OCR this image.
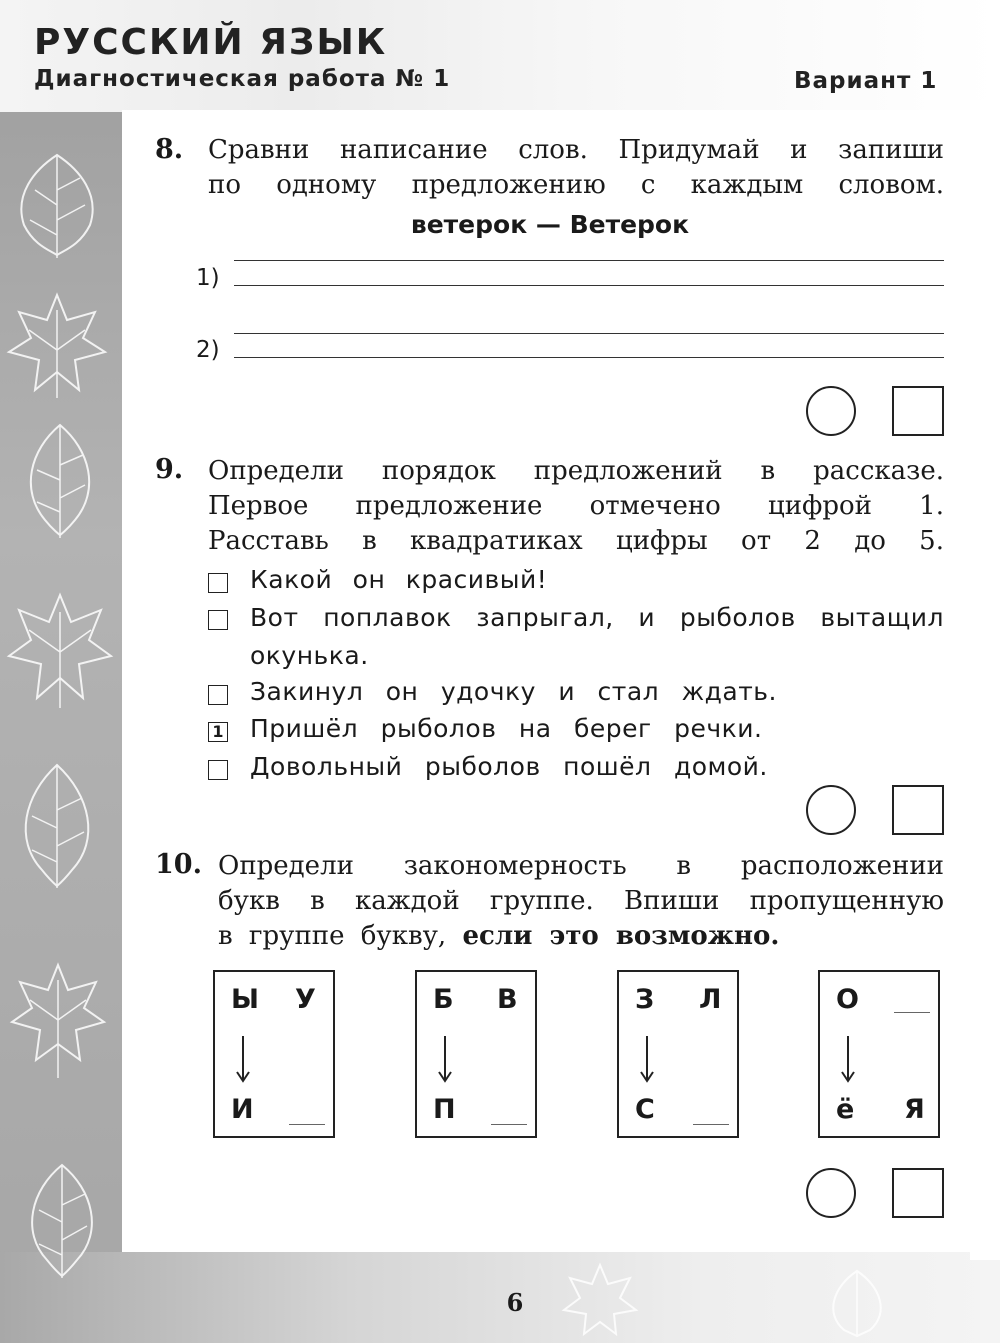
РУССКИЙ ЯЗЫК
Диагностическая работа № 1	Вариант 1
8. Сравни написание слов. Придумай и запиши
по одному предложению с каждым словом.
ветерок — Ветерок
1)
2)
9. Определи порядок предложений в рассказе.
Первое предложение отмечено цифрой 1.
Расставь в квадратиках цифры от 2 до 5.
Какой он красивый!
Вот поплавок запрыгал, и рыболов вытащил
окунька.
Закинул он удочку и стал ждать.
1 Пришёл рыболов на берег речки.
Довольный рыболов пошёл домой.
10. Определи закономерность в расположении
букв в каждой группе. Впиши пропущенную
в группе букву, если это возможно.
Ы У
И
Б В
П
З Л
С
О
ё Я
6
